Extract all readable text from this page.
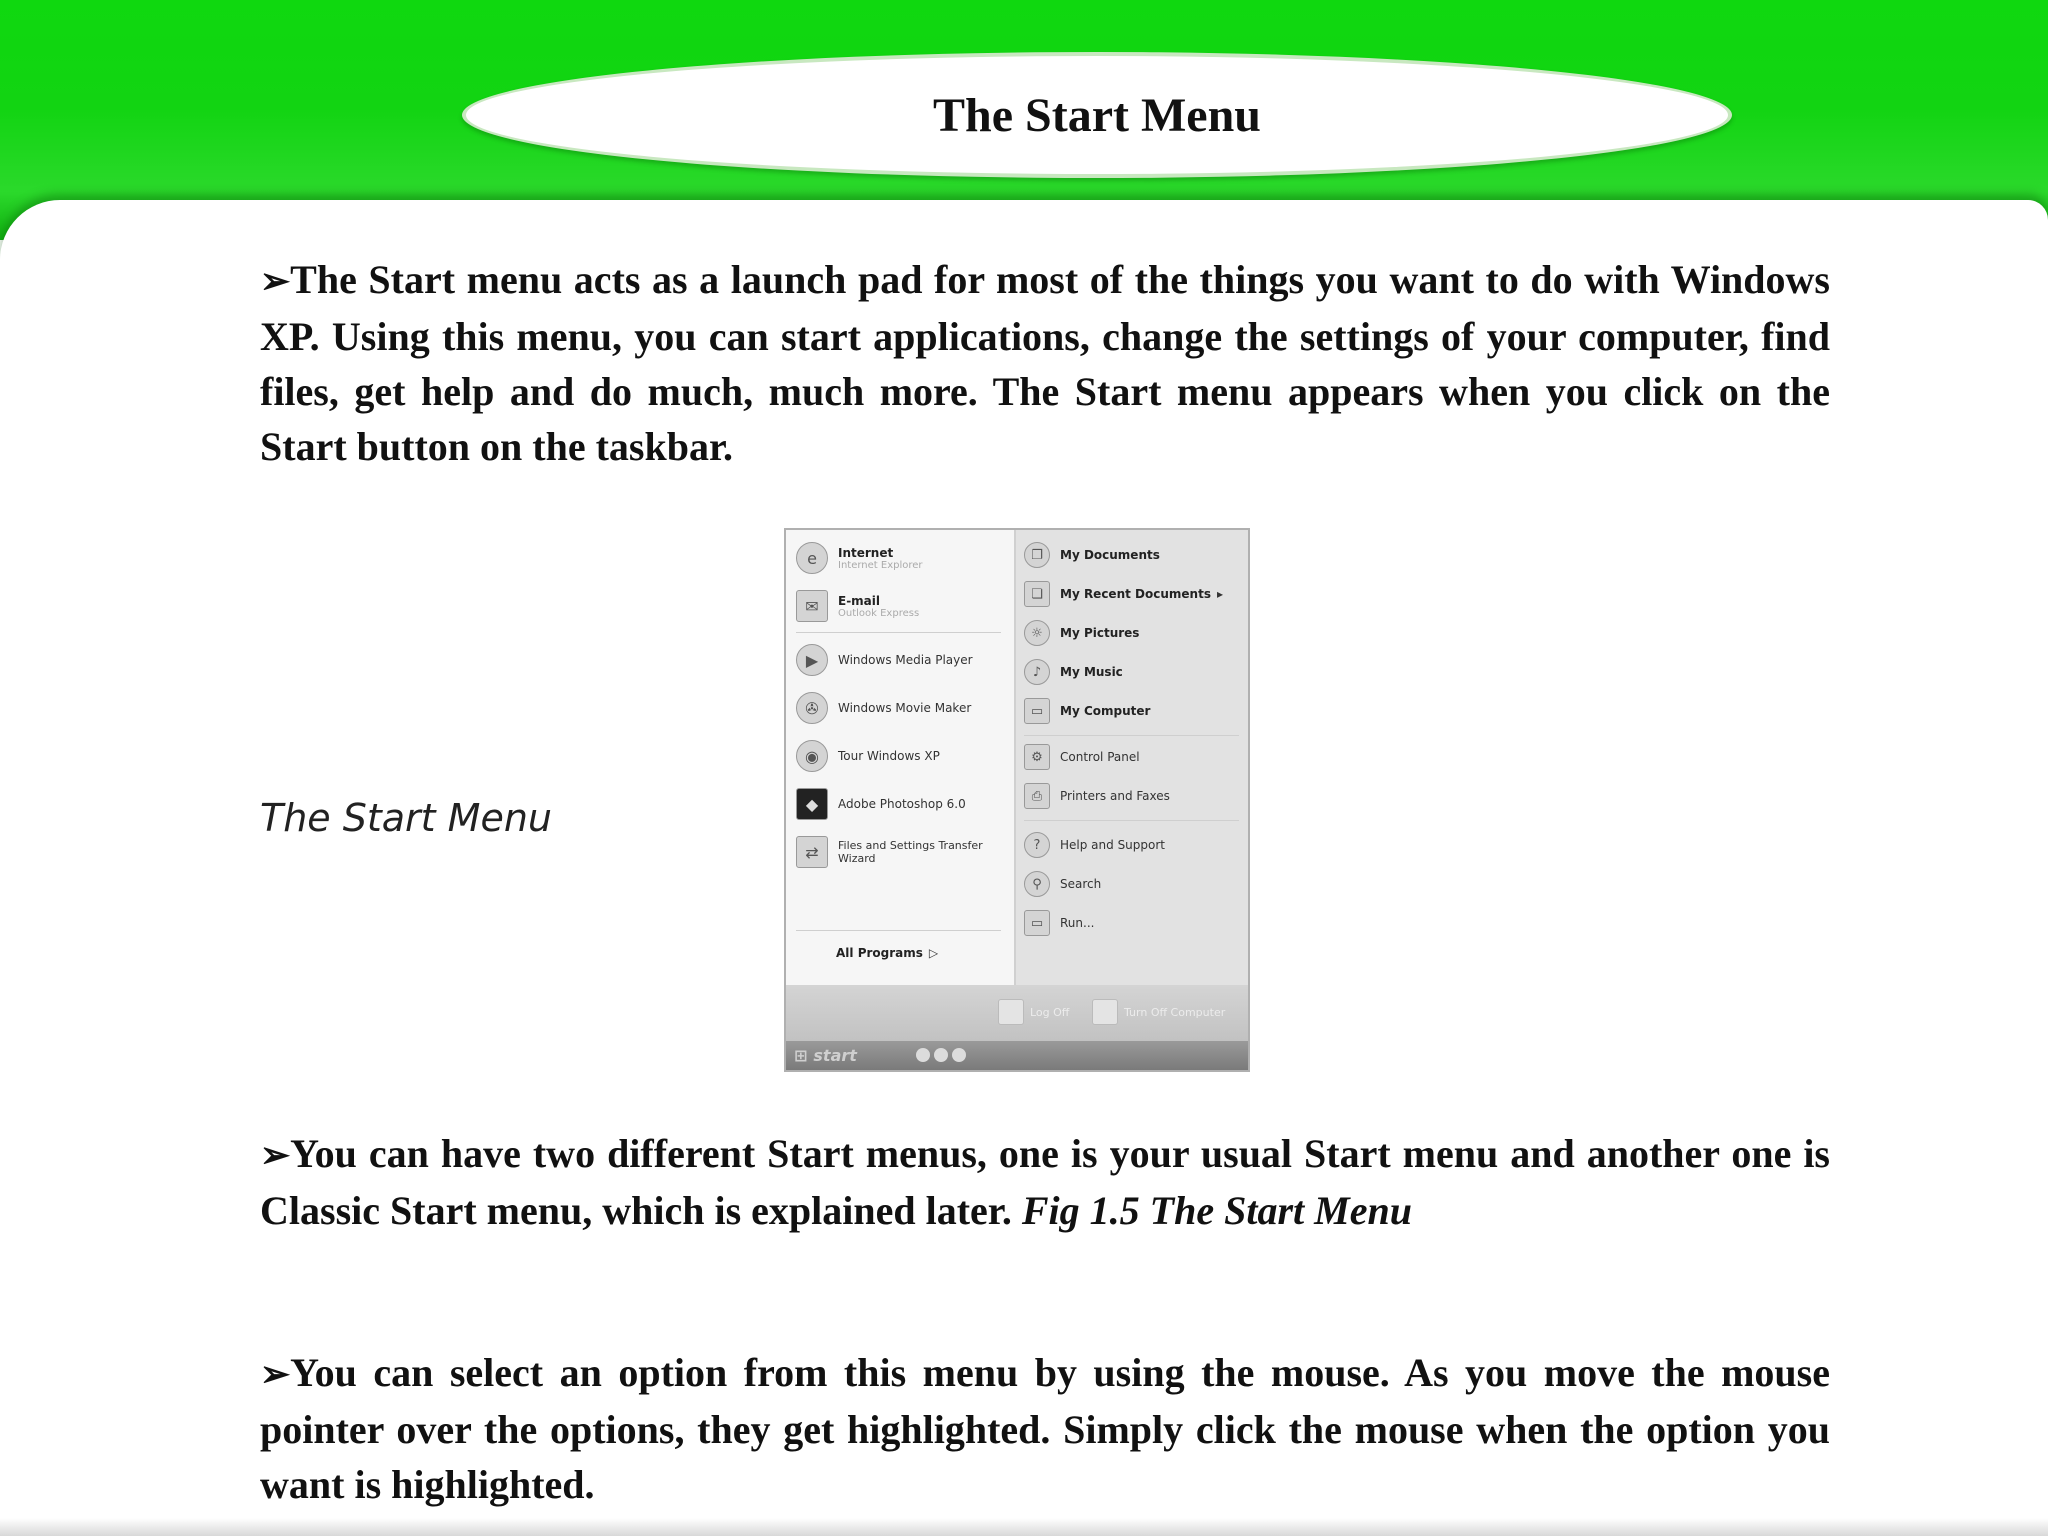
The Start Menu

➢The Start menu acts as a launch pad for most of the things you want to do with Windows XP. Using this menu, you can start applications, change the settings of your computer, find files, get help and do much, much more. The Start menu appears when you click on the Start button on the taskbar.

The Start Menu
e	Internet
Internet Explorer
✉	E-mail
Outlook Express
▶	Windows Media Player
✇	Windows Movie Maker
◉	Tour Windows XP
◆	Adobe Photoshop 6.0
⇄	Files and Settings Transfer Wizard
All Programs ▷
❐	My Documents
❏	My Recent Documents ▸
☼	My Pictures
♪	My Music
▭	My Computer
⚙	Control Panel
⎙	Printers and Faxes
?	Help and Support
⚲	Search
▭	Run...
Log Off	Turn Off Computer
⊞ start

➢You can have two different Start menus, one is your usual Start menu and another one is Classic Start menu, which is explained later. Fig 1.5 The Start Menu

➢You can select an option from this menu by using the mouse. As you move the mouse pointer over the options, they get highlighted. Simply click the mouse when the option you want is highlighted.
